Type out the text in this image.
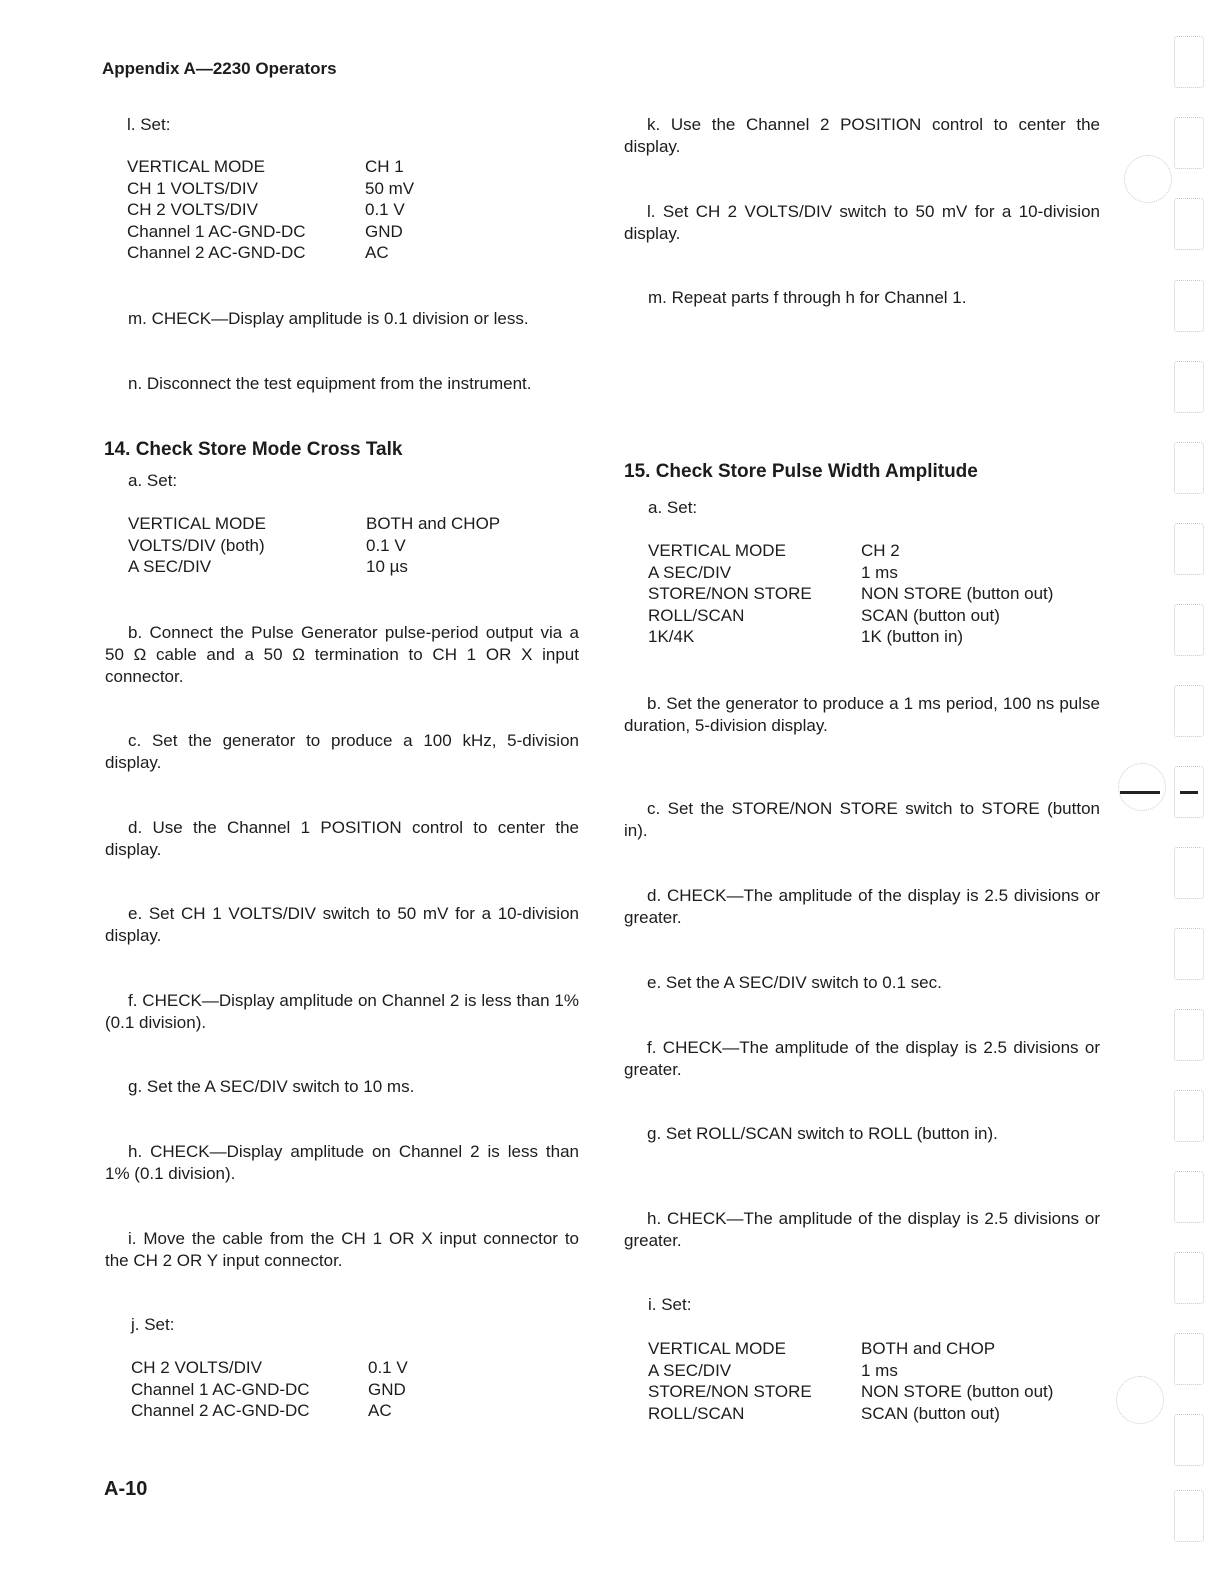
Appendix A—2230 Operators
A-10
l. Set:
VERTICAL MODE	CH 1
CH 1 VOLTS/DIV	50 mV
CH 2 VOLTS/DIV	0.1 V
Channel 1 AC-GND-DC	GND
Channel 2 AC-GND-DC	AC
m. CHECK—Display amplitude is 0.1 division or less.
n. Disconnect the test equipment from the instrument.
14. Check Store Mode Cross Talk
a. Set:
VERTICAL MODE	BOTH and CHOP
VOLTS/DIV (both)	0.1 V
A SEC/DIV	10 µs
b. Connect the Pulse Generator pulse-period output via a 50 Ω cable and a 50 Ω termination to CH 1 OR X input connector.
c. Set the generator to produce a 100 kHz, 5-division display.
d. Use the Channel 1 POSITION control to center the display.
e. Set CH 1 VOLTS/DIV switch to 50 mV for a 10-division display.
f. CHECK—Display amplitude on Channel 2 is less than 1% (0.1 division).
g. Set the A SEC/DIV switch to 10 ms.
h. CHECK—Display amplitude on Channel 2 is less than 1% (0.1 division).
i. Move the cable from the CH 1 OR X input connector to the CH 2 OR Y input connector.
j. Set:
CH 2 VOLTS/DIV	0.1 V
Channel 1 AC-GND-DC	GND
Channel 2 AC-GND-DC	AC
k. Use the Channel 2 POSITION control to center the display.
l. Set CH 2 VOLTS/DIV switch to 50 mV for a 10-division display.
m. Repeat parts f through h for Channel 1.
15. Check Store Pulse Width Amplitude
a. Set:
VERTICAL MODE	CH 2
A SEC/DIV	1 ms
STORE/NON STORE	NON STORE (button out)
ROLL/SCAN	SCAN (button out)
1K/4K	1K (button in)
b. Set the generator to produce a 1 ms period, 100 ns pulse duration, 5-division display.
c. Set the STORE/NON STORE switch to STORE (button in).
d. CHECK—The amplitude of the display is 2.5 divisions or greater.
e. Set the A SEC/DIV switch to 0.1 sec.
f. CHECK—The amplitude of the display is 2.5 divisions or greater.
g. Set ROLL/SCAN switch to ROLL (button in).
h. CHECK—The amplitude of the display is 2.5 divisions or greater.
i. Set:
VERTICAL MODE	BOTH and CHOP
A SEC/DIV	1 ms
STORE/NON STORE	NON STORE (button out)
ROLL/SCAN	SCAN (button out)
